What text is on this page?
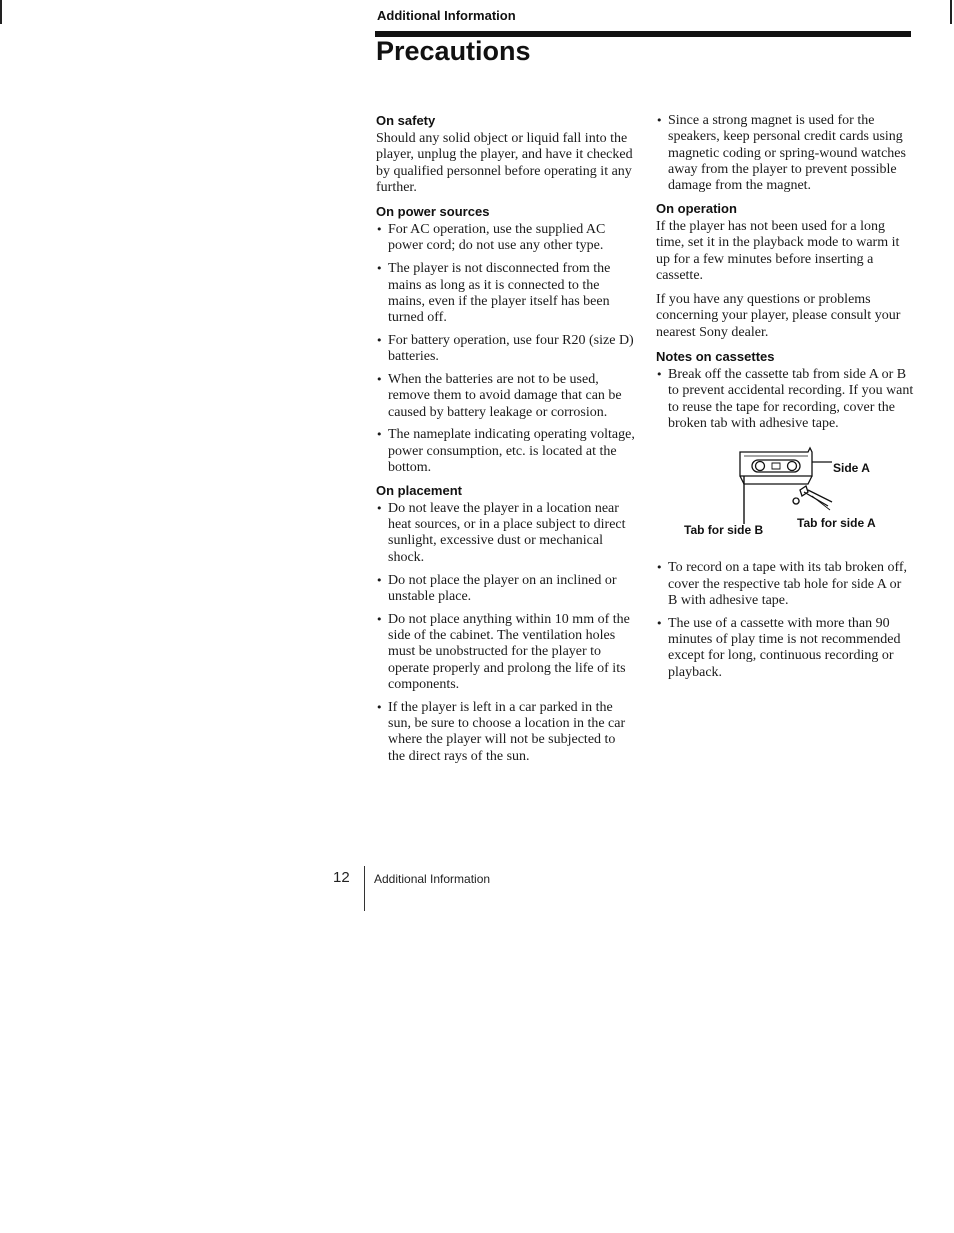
Additional Information
Precautions
On safety

Should any solid object or liquid fall into the player, unplug the player, and have it checked by qualified personnel before operating it any further.

On power sources
• For AC operation, use the supplied AC power cord; do not use any other type.
• The player is not disconnected from the mains as long as it is connected to the mains, even if the player itself has been turned off.
• For battery operation, use four R20 (size D) batteries.
• When the batteries are not to be used, remove them to avoid damage that can be caused by battery leakage or corrosion.
• The nameplate indicating operating voltage, power consumption, etc. is located at the bottom.
On placement
• Do not leave the player in a location near heat sources, or in a place subject to direct sunlight, excessive dust or mechanical shock.
• Do not place the player on an inclined or unstable place.
• Do not place anything within 10 mm of the side of the cabinet. The ventilation holes must be unobstructed for the player to operate properly and prolong the life of its components.
• If the player is left in a car parked in the sun, be sure to choose a location in the car where the player will not be subjected to the direct rays of the sun.
• Since a strong magnet is used for the speakers, keep personal credit cards using magnetic coding or spring-wound watches away from the player to prevent possible damage from the magnet.
On operation

If the player has not been used for a long time, set it in the playback mode to warm it up for a few minutes before inserting a cassette.

If you have any questions or problems concerning your player, please consult your nearest Sony dealer.

Notes on cassettes
• Break off the cassette tab from side A or B to prevent accidental recording. If you want to reuse the tape for recording, cover the broken tab with adhesive tape.
Side A
Tab for side A
Tab for side B
• To record on a tape with its tab broken off, cover the respective tab hole for side A or B with adhesive tape.
• The use of a cassette with more than 90 minutes of play time is not recommended except for long, continuous recording or playback.
12 Additional Information
